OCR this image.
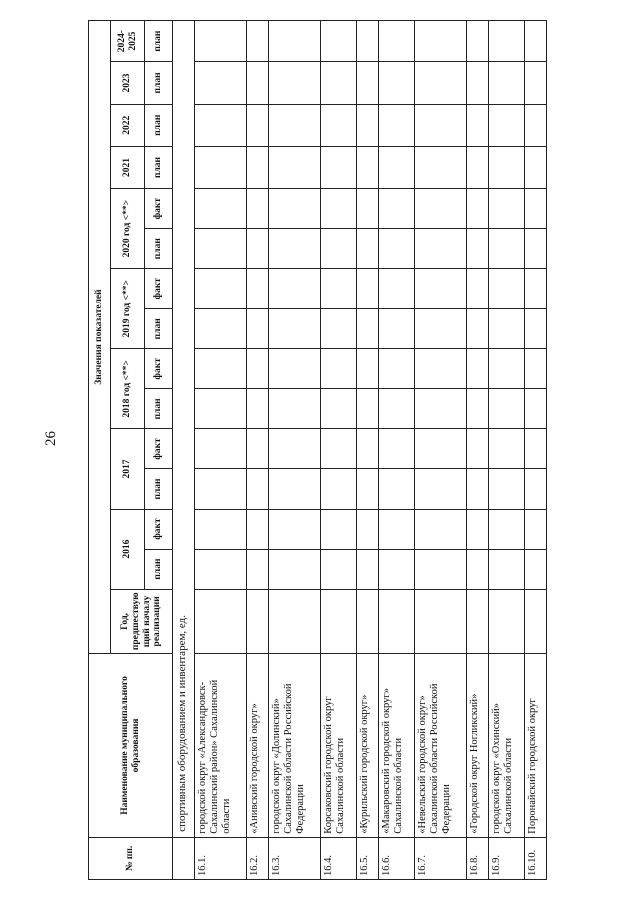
26
№ пп.	Наименование муниципального образования	Значения показателей														
		Год, предшествую щий началу реализации	2016		2017		2018 год <**>		2019 год <**>		2020 год <**>		2021	2022	2023	2024-2025
			план	факт	план	факт	план	факт	план	факт	план	факт	план	план	план	план
	спортивным оборудованием и инвентарем, ед.															
16.1.	городской округ «Александровск-Сахалинский район» Сахалинской области															
16.2.	«Анивский городской округ»															
16.3.	городской округ «Долинский» Сахалинской области Российской Федерации															
16.4.	Корсаковский городской округ Сахалинской области															
16.5.	«Курильский городской округ»															
16.6.	«Макаровский городской округ» Сахалинской области															
16.7.	«Невельский городской округ» Сахалинской области Российской Федерации															
16.8.	«Городской округ Ногликский»															
16.9.	городской округ «Охинский» Сахалинской области															
16.10.	Поронайский городской округ															
